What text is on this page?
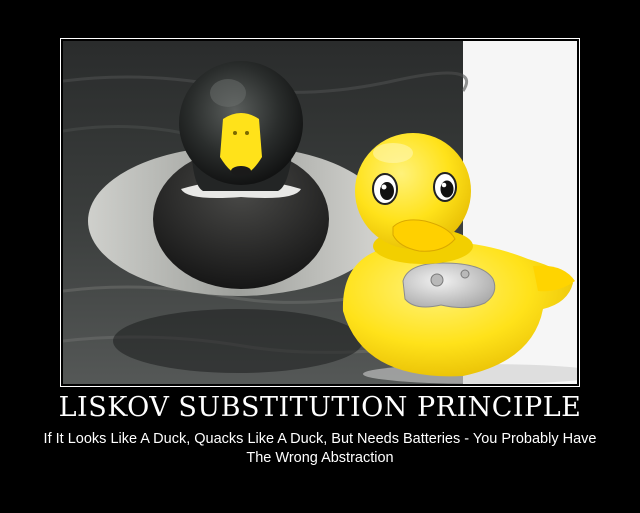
LISKOV SUBSTITUTION PRINCIPLE
If It Looks Like A Duck, Quacks Like A Duck, But Needs Batteries - You Probably Have The Wrong Abstraction
